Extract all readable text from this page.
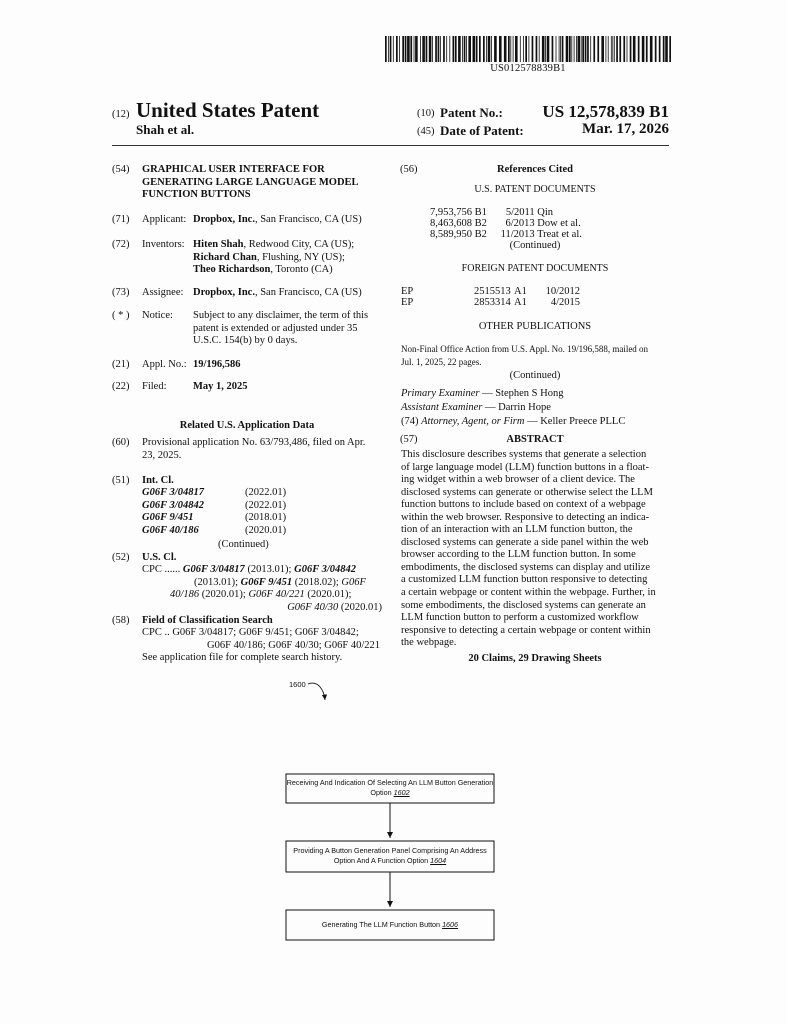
US012578839B1
(12) United States Patent
Shah et al.
(10) Patent No.: US 12,578,839 B1
(45) Date of Patent:	Mar. 17, 2026
(54)	GRAPHICAL USER INTERFACE FOR
GENERATING LARGE LANGUAGE MODEL
FUNCTION BUTTONS
(71)	Applicant: Dropbox, Inc., San Francisco, CA (US)
(72)	Inventors: Hiten Shah, Redwood City, CA (US);
Richard Chan, Flushing, NY (US);
Theo Richardson, Toronto (CA)
(73)	Assignee: Dropbox, Inc., San Francisco, CA (US)
( * )	Notice:	Subject to any disclaimer, the term of this
patent is extended or adjusted under 35
U.S.C. 154(b) by 0 days.
(21)	Appl. No.: 19/196,586
(22)	Filed:	May 1, 2025
Related U.S. Application Data
(60)	Provisional application No. 63/793,486, filed on Apr.
23, 2025.
(51)	Int. Cl.
G06F 3/04817	(2022.01)
G06F 3/04842	(2022.01)
G06F 9/451	(2018.01)
G06F 40/186	(2020.01)
(Continued)
(52)	U.S. Cl.
CPC ...... G06F 3/04817 (2013.01); G06F 3/04842
(2013.01); G06F 9/451 (2018.02); G06F
40/186 (2020.01); G06F 40/221 (2020.01);
G06F 40/30 (2020.01)
(58)	Field of Classification Search
CPC .. G06F 3/04817; G06F 9/451; G06F 3/04842;
G06F 40/186; G06F 40/30; G06F 40/221
See application file for complete search history.
(56)	References Cited
U.S. PATENT DOCUMENTS
7,953,756 B1 5/2011 Qin
8,463,608 B2 6/2013 Dow et al.
8,589,950 B2 11/2013 Treat et al.
(Continued)
FOREIGN PATENT DOCUMENTS
EP	2515513 A1 10/2012
EP	2853314 A1 4/2015
OTHER PUBLICATIONS
Non-Final Office Action from U.S. Appl. No. 19/196,588, mailed on
Jul. 1, 2025, 22 pages.
(Continued)
Primary Examiner — Stephen S Hong
Assistant Examiner — Darrin Hope
(74) Attorney, Agent, or Firm — Keller Preece PLLC
(57)	ABSTRACT
This disclosure describes systems that generate a selection
of large language model (LLM) function buttons in a float-
ing widget within a web browser of a client device. The
disclosed systems can generate or otherwise select the LLM
function buttons to include based on context of a webpage
within the web browser. Responsive to detecting an indica-
tion of an interaction with an LLM function button, the
disclosed systems can generate a side panel within the web
browser according to the LLM function button. In some
embodiments, the disclosed systems can display and utilize
a customized LLM function button responsive to detecting
a certain webpage or content within the webpage. Further, in
some embodiments, the disclosed systems can generate an
LLM function button to perform a customized workflow
responsive to detecting a certain webpage or content within
the webpage.
20 Claims, 29 Drawing Sheets
1600
Receiving And Indication Of Selecting An LLM Button Generation
Option 1602
Providing A Button Generation Panel Comprising An Address
Option And A Function Option 1604
Generating The LLM Function Button 1606
